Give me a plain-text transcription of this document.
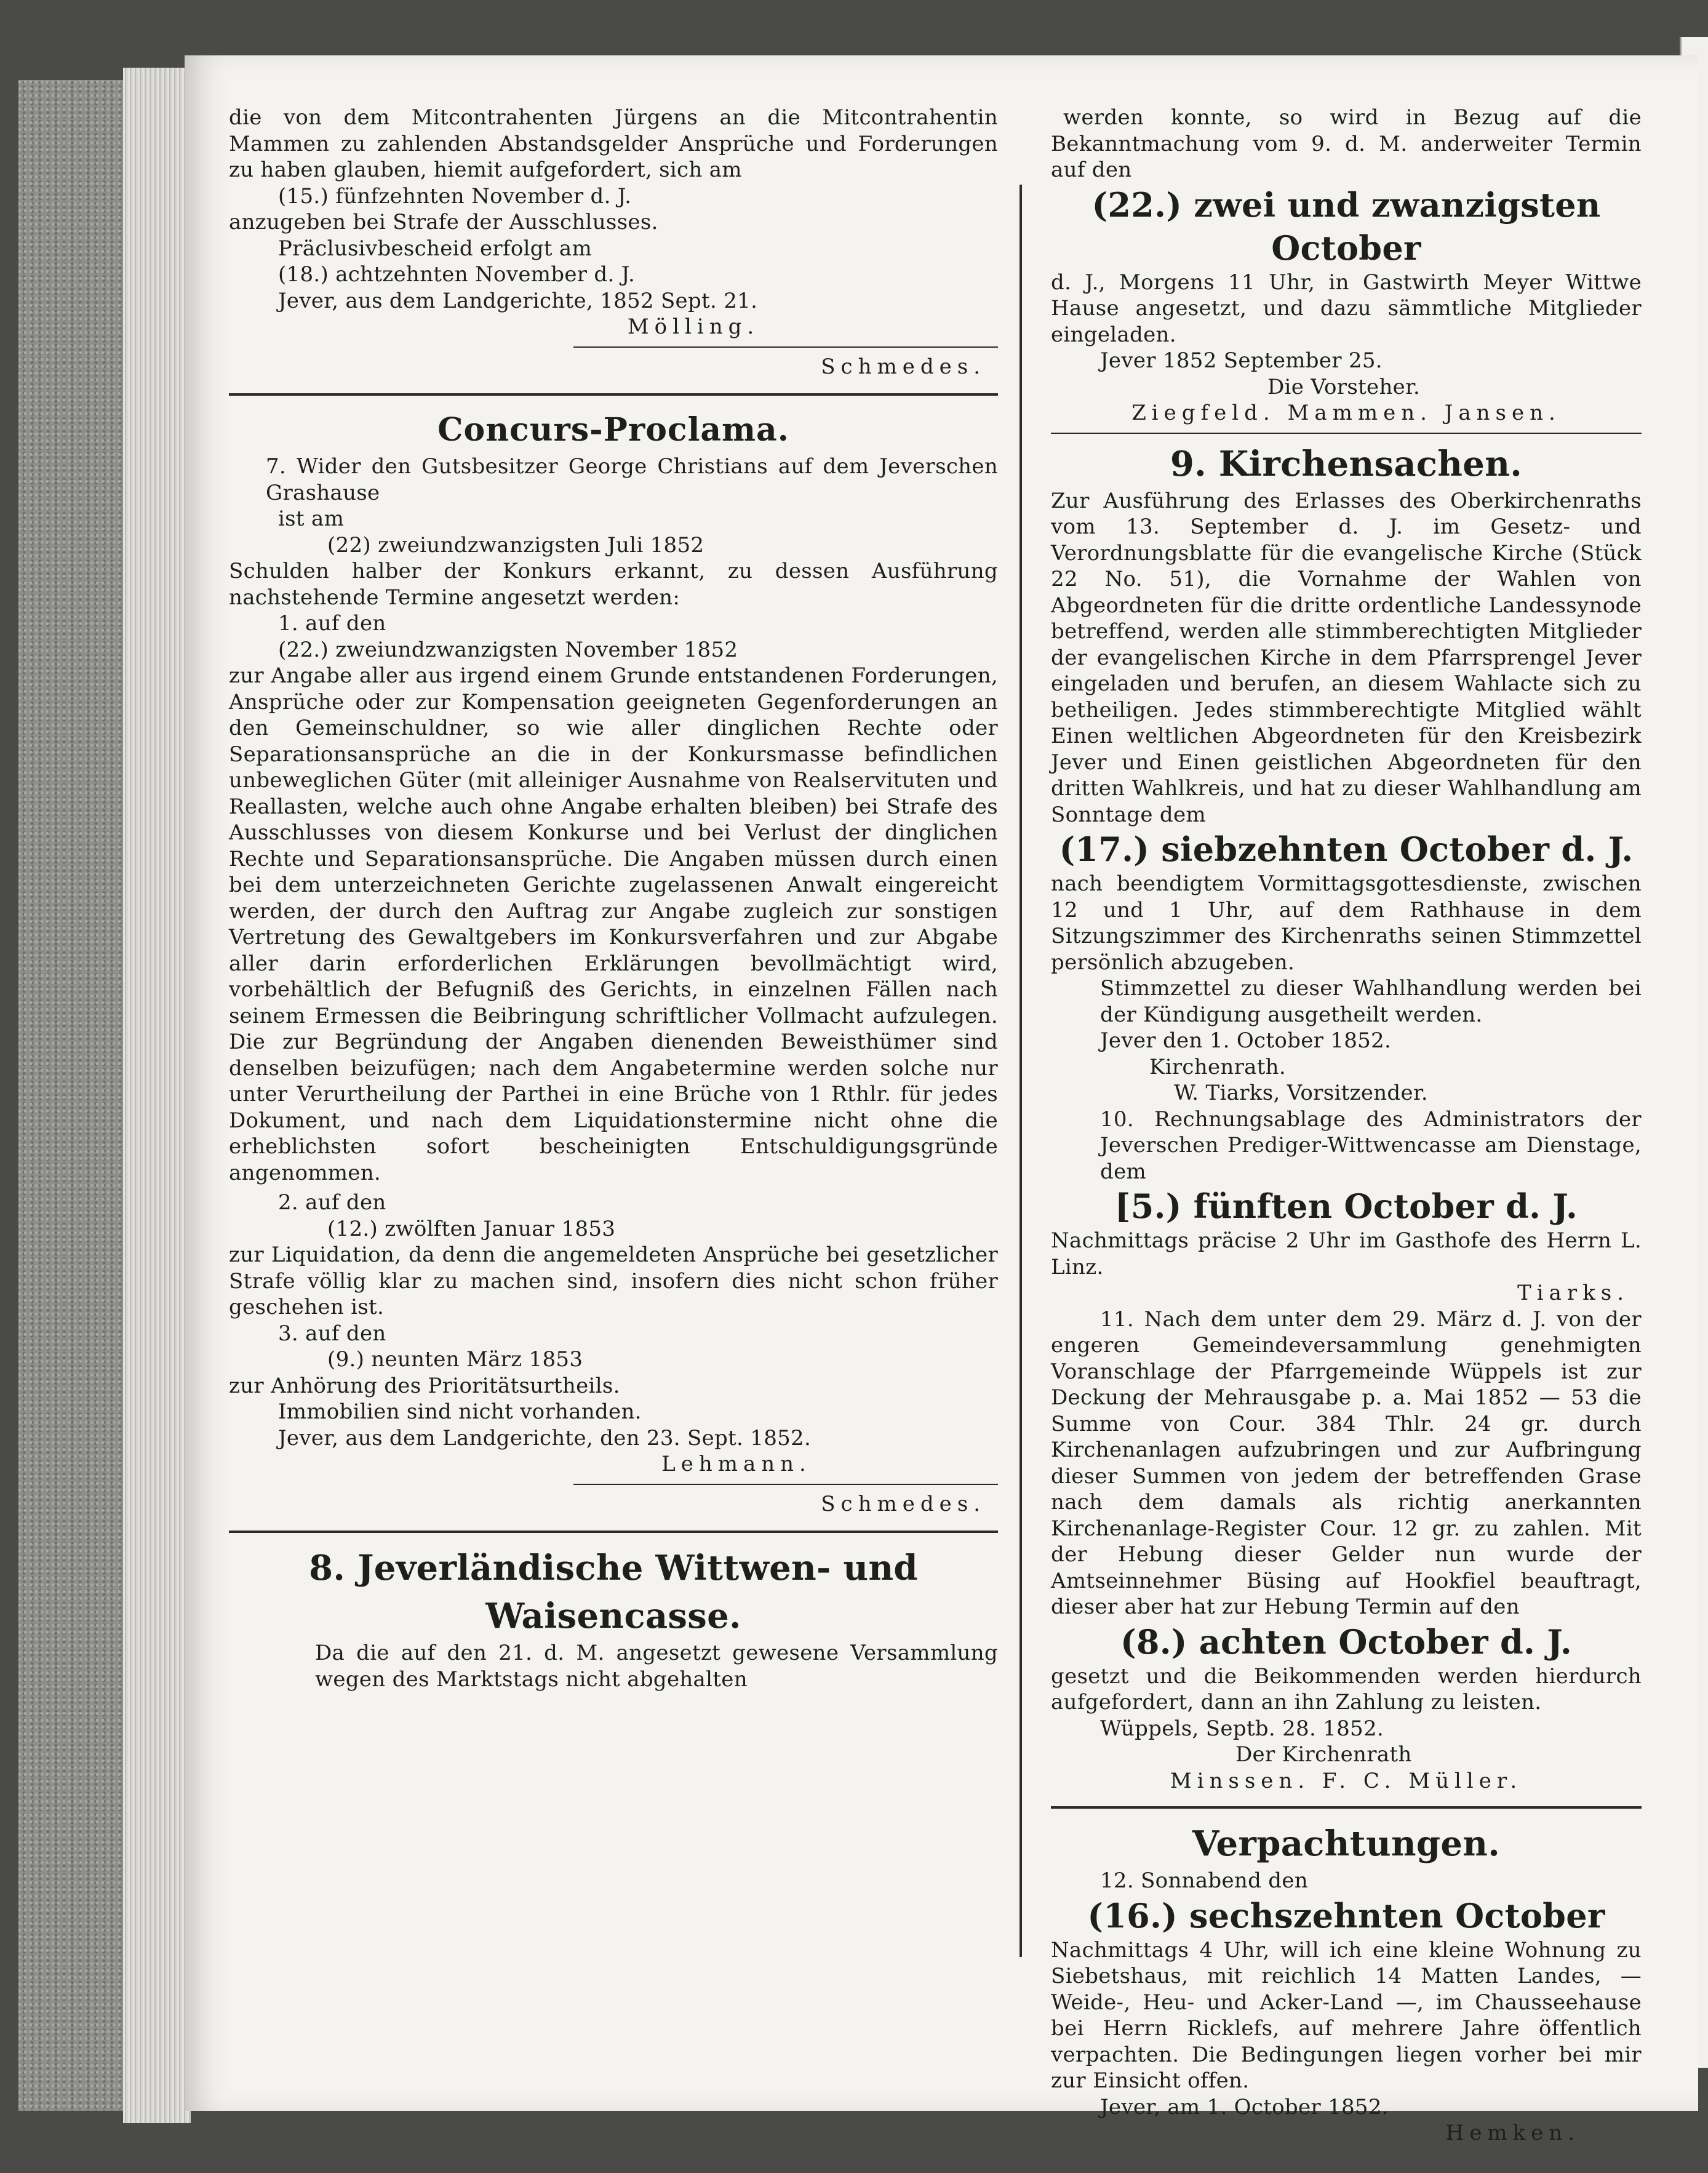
die von dem Mitcontrahenten Jürgens an die Mitcontrahentin Mammen zu zahlenden Abstandsgelder Ansprüche und Forderungen zu haben glauben, hiemit aufgefordert, sich am

(15.) fünfzehnten November d. J.

anzugeben bei Strafe der Ausschlusses.

Präclusivbescheid erfolgt am

(18.) achtzehnten November d. J.

Jever, aus dem Landgerichte, 1852 Sept. 21.

Mölling.

Schmedes.

Concurs-Proclama.

7. Wider den Gutsbesitzer George Christians auf dem Jeverschen Grashause

ist am

(22) zweiundzwanzigsten Juli 1852

Schulden halber der Konkurs erkannt, zu dessen Ausführung nachstehende Termine angesetzt werden:

1. auf den

(22.) zweiundzwanzigsten November 1852

zur Angabe aller aus irgend einem Grunde entstandenen Forderungen, Ansprüche oder zur Kompensation geeigneten Gegenforderungen an den Gemeinschuldner, so wie aller dinglichen Rechte oder Separationsansprüche an die in der Konkursmasse befindlichen unbeweglichen Güter (mit alleiniger Ausnahme von Realservituten und Reallasten, welche auch ohne Angabe erhalten bleiben) bei Strafe des Ausschlusses von diesem Konkurse und bei Verlust der dinglichen Rechte und Separationsansprüche. Die Angaben müssen durch einen bei dem unterzeichneten Gerichte zugelassenen Anwalt eingereicht werden, der durch den Auftrag zur Angabe zugleich zur sonstigen Vertretung des Gewaltgebers im Konkursverfahren und zur Abgabe aller darin erforderlichen Erklärungen bevollmächtigt wird, vorbehältlich der Befugniß des Gerichts, in einzelnen Fällen nach seinem Ermessen die Beibringung schriftlicher Vollmacht aufzulegen. Die zur Begründung der Angaben dienenden Beweisthümer sind denselben beizufügen; nach dem Angabetermine werden solche nur unter Verurtheilung der Parthei in eine Brüche von 1 Rthlr. für jedes Dokument, und nach dem Liquidationstermine nicht ohne die erheblichsten sofort bescheinigten Entschuldigungsgründe angenommen.

2. auf den

(12.) zwölften Januar 1853

zur Liquidation, da denn die angemeldeten Ansprüche bei gesetzlicher Strafe völlig klar zu machen sind, insofern dies nicht schon früher geschehen ist.

3. auf den

(9.) neunten März 1853

zur Anhörung des Prioritätsurtheils.

Immobilien sind nicht vorhanden.

Jever, aus dem Landgerichte, den 23. Sept. 1852.

Lehmann.

Schmedes.

8. Jeverländische Wittwen- und Waisencasse.

Da die auf den 21. d. M. angesetzt gewesene Versammlung wegen des Marktstags nicht abgehalten

werden konnte, so wird in Bezug auf die Bekanntmachung vom 9. d. M. anderweiter Termin auf den

(22.) zwei und zwanzigsten October

d. J., Morgens 11 Uhr, in Gastwirth Meyer Wittwe Hause angesetzt, und dazu sämmtliche Mitglieder eingeladen.

Jever 1852 September 25.

Die Vorsteher.

Ziegfeld. Mammen. Jansen.

9. Kirchensachen.

Zur Ausführung des Erlasses des Oberkirchenraths vom 13. September d. J. im Gesetz- und Verordnungsblatte für die evangelische Kirche (Stück 22 No. 51), die Vornahme der Wahlen von Abgeordneten für die dritte ordentliche Landessynode betreffend, werden alle stimmberechtigten Mitglieder der evangelischen Kirche in dem Pfarrsprengel Jever eingeladen und berufen, an diesem Wahlacte sich zu betheiligen. Jedes stimmberechtigte Mitglied wählt Einen weltlichen Abgeordneten für den Kreisbezirk Jever und Einen geistlichen Abgeordneten für den dritten Wahlkreis, und hat zu dieser Wahlhandlung am Sonntage dem

(17.) siebzehnten October d. J.

nach beendigtem Vormittagsgottesdienste, zwischen 12 und 1 Uhr, auf dem Rathhause in dem Sitzungszimmer des Kirchenraths seinen Stimmzettel persönlich abzugeben.

Stimmzettel zu dieser Wahlhandlung werden bei der Kündigung ausgetheilt werden.

Jever den 1. October 1852.

Kirchenrath.

W. Tiarks, Vorsitzender.

10. Rechnungsablage des Administrators der Jeverschen Prediger-Wittwencasse am Dienstage, dem

[5.) fünften October d. J.

Nachmittags präcise 2 Uhr im Gasthofe des Herrn L. Linz.

Tiarks.

11. Nach dem unter dem 29. März d. J. von der engeren Gemeindeversammlung genehmigten Voranschlage der Pfarrgemeinde Wüppels ist zur Deckung der Mehrausgabe p. a. Mai 1852 — 53 die Summe von Cour. 384 Thlr. 24 gr. durch Kirchenanlagen aufzubringen und zur Aufbringung dieser Summen von jedem der betreffenden Grase nach dem damals als richtig anerkannten Kirchenanlage-Register Cour. 12 gr. zu zahlen. Mit der Hebung dieser Gelder nun wurde der Amtseinnehmer Büsing auf Hookfiel beauftragt, dieser aber hat zur Hebung Termin auf den

(8.) achten October d. J.

gesetzt und die Beikommenden werden hierdurch aufgefordert, dann an ihn Zahlung zu leisten.

Wüppels, Septb. 28. 1852.

Der Kirchenrath

Minssen. F. C. Müller.

Verpachtungen.

12. Sonnabend den

(16.) sechszehnten October

Nachmittags 4 Uhr, will ich eine kleine Wohnung zu Siebetshaus, mit reichlich 14 Matten Landes, —Weide-, Heu- und Acker-Land —, im Chausseehause bei Herrn Ricklefs, auf mehrere Jahre öffentlich verpachten. Die Bedingungen liegen vorher bei mir zur Einsicht offen.

Jever, am 1. October 1852.

Hemken.
